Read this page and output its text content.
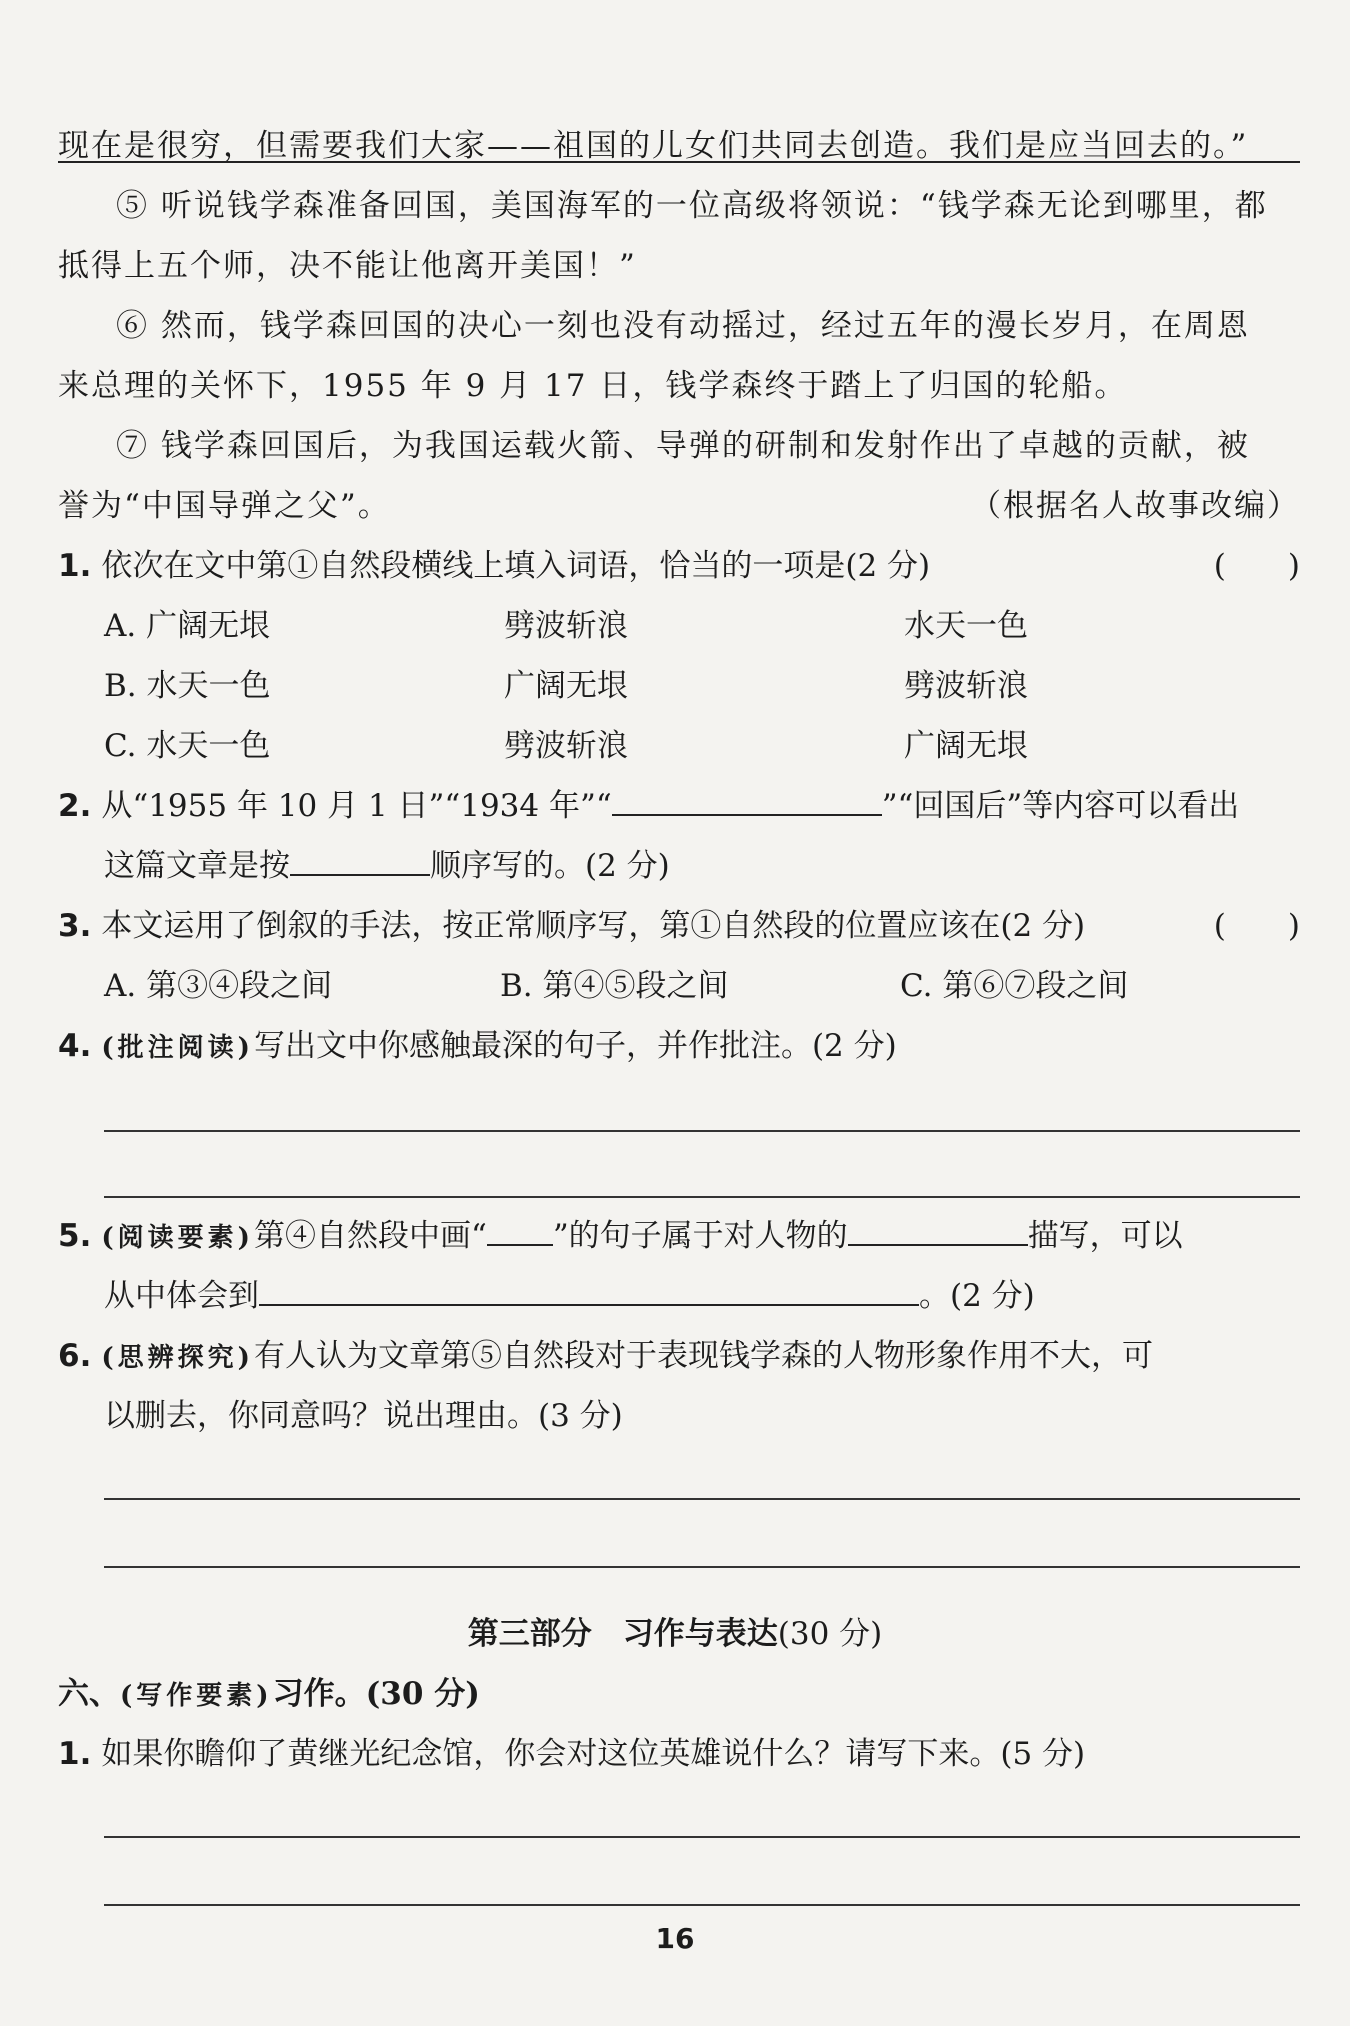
现在是很穷，但需要我们大家——祖国的儿女们共同去创造。我们是应当回去的。”
⑤ 听说钱学森准备回国，美国海军的一位高级将领说：“钱学森无论到哪里，都
抵得上五个师，决不能让他离开美国！”
⑥ 然而，钱学森回国的决心一刻也没有动摇过，经过五年的漫长岁月，在周恩
来总理的关怀下，1955 年 9 月 17 日，钱学森终于踏上了归国的轮船。
⑦ 钱学森回国后，为我国运载火箭、导弹的研制和发射作出了卓越的贡献，被
誉为“中国导弹之父”。	（根据名人故事改编）
1. 依次在文中第①自然段横线上填入词语，恰当的一项是(2 分)	(　　)
A. 广阔无垠	劈波斩浪	水天一色
B. 水天一色	广阔无垠	劈波斩浪
C. 水天一色	劈波斩浪	广阔无垠
2. 从“1955 年 10 月 1 日”“1934 年”“	”“回国后”等内容可以看出
这篇文章是按	顺序写的。(2 分)
3. 本文运用了倒叙的手法，按正常顺序写，第①自然段的位置应该在(2 分)	(　　)
A. 第③④段之间	B. 第④⑤段之间	C. 第⑥⑦段之间
4. (批注阅读)写出文中你感触最深的句子，并作批注。(2 分)
5. (阅读要素)第④自然段中画“ ”的句子属于对人物的	描写，可以
从中体会到	。(2 分)
6. (思辨探究)有人认为文章第⑤自然段对于表现钱学森的人物形象作用不大，可
以删去，你同意吗？说出理由。(3 分)
第三部分　习作与表达(30 分)
六、(写作要素)习作。(30 分)
1. 如果你瞻仰了黄继光纪念馆，你会对这位英雄说什么？请写下来。(5 分)
16
